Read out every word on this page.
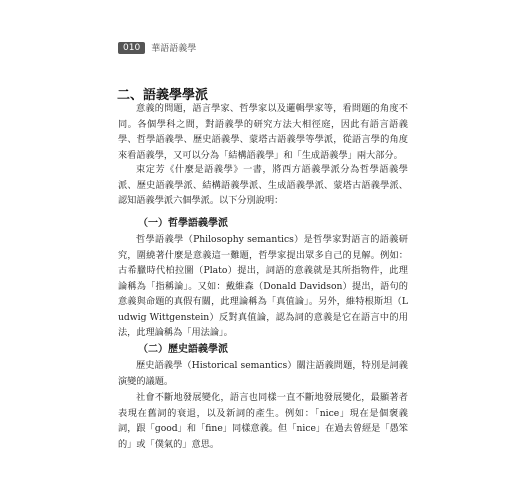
010	華語語義學
二、語義學學派

意義的問題，語言學家、哲學家以及邏輯學家等，看問題的角度不同。各個學科之間，對語義學的研究方法大相徑庭，因此有語言語義學、哲學語義學、歷史語義學、蒙塔古語義學等學派，從語言學的角度來看語義學，又可以分為「結構語義學」和「生成語義學」兩大部分。

束定芳《什麼是語義學》一書，將西方語義學派分為哲學語義學派、歷史語義學派、結構語義學派、生成語義學派、蒙塔古語義學派、認知語義學派六個學派。以下分別說明：

（一）哲學語義學派

哲學語義學（Philosophy semantics）是哲學家對語言的語義研究，圍繞著什麼是意義這一難題，哲學家提出眾多自己的見解。例如：古希臘時代柏拉圖（Plato）提出，詞語的意義就是其所指物件，此理論稱為「指稱論」。又如：戴維森（Donald Davidson）提出，語句的意義與命題的真假有關，此理論稱為「真值論」。另外，維特根斯坦（Ludwig Wittgenstein）反對真值論，認為詞的意義是它在語言中的用法，此理論稱為「用法論」。

（二）歷史語義學派

歷史語義學（Historical semantics）關注語義問題，特別是詞義演變的議題。

社會不斷地發展變化，語言也同樣一直不斷地發展變化，最顯著者表現在舊詞的衰退，以及新詞的產生。例如：「nice」現在是個褒義詞，跟「good」和「fine」同樣意義。但「nice」在過去曾經是「愚笨的」或「僕氣的」意思。
